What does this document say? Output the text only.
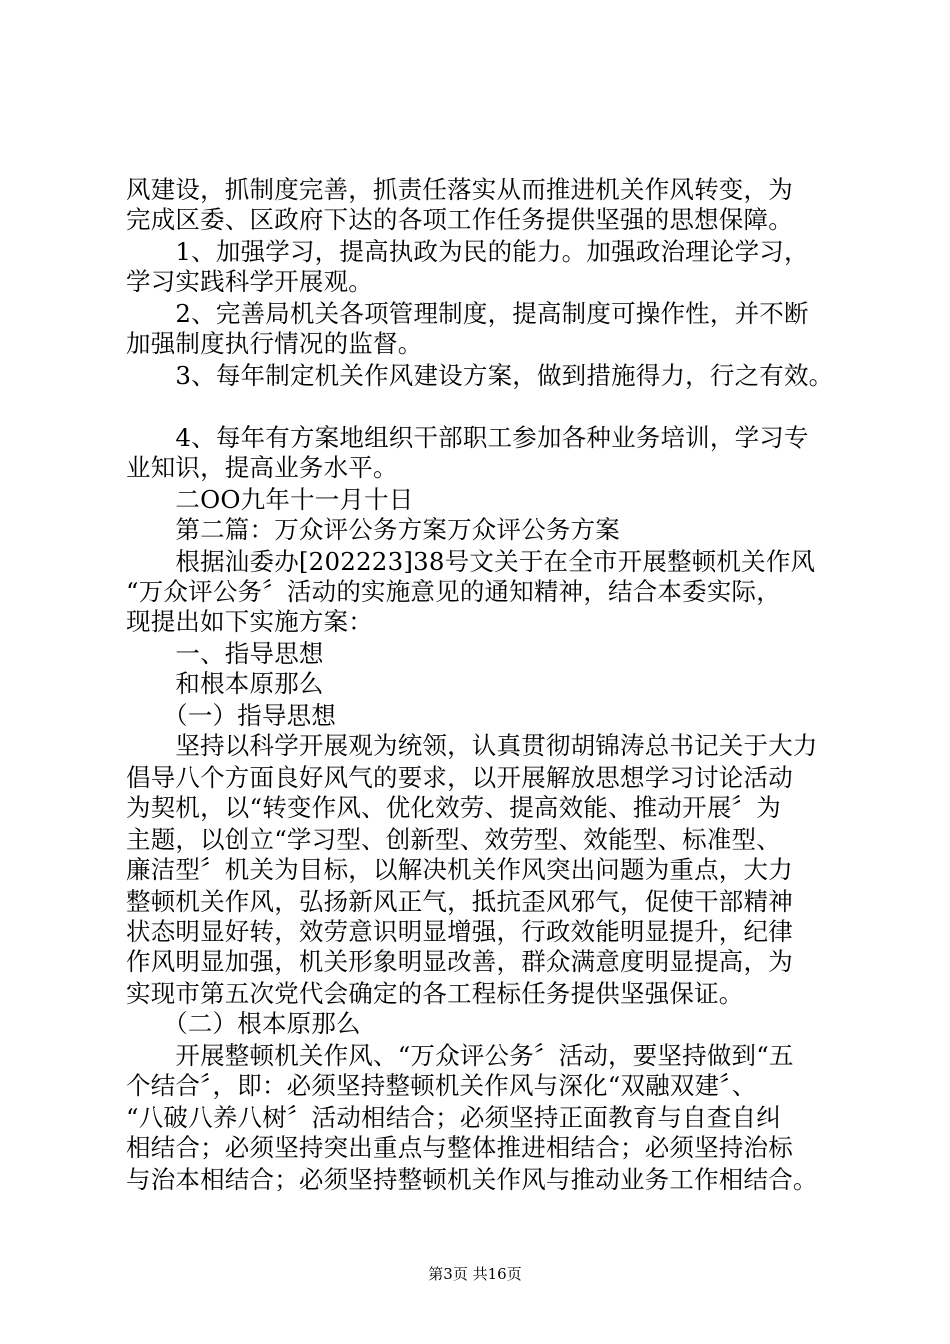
风建设，抓制度完善，抓责任落实从而推进机关作风转变，为
完成区委、区政府下达的各项工作任务提供坚强的思想保障。
　　1、加强学习，提高执政为民的能力。加强政治理论学习，
学习实践科学开展观。
　　2、完善局机关各项管理制度，提高制度可操作性，并不断
加强制度执行情况的监督。
　　3、每年制定机关作风建设方案，做到措施得力，行之有效。
　　4、每年有方案地组织干部职工参加各种业务培训，学习专
业知识，提高业务水平。
　　二OO九年十一月十日
　　第二篇：万众评公务方案万众评公务方案
　　根据汕委办[202223]38号文关于在全市开展整顿机关作风
“万众评公务〞活动的实施意见的通知精神，结合本委实际，
现提出如下实施方案：
　　一、指导思想
　　和根本原那么
　　（一）指导思想
　　坚持以科学开展观为统领，认真贯彻胡锦涛总书记关于大力
倡导八个方面良好风气的要求，以开展解放思想学习讨论活动
为契机，以“转变作风、优化效劳、提高效能、推动开展〞为
主题，以创立“学习型、创新型、效劳型、效能型、标准型、
廉洁型〞机关为目标，以解决机关作风突出问题为重点，大力
整顿机关作风，弘扬新风正气，抵抗歪风邪气，促使干部精神
状态明显好转，效劳意识明显增强，行政效能明显提升，纪律
作风明显加强，机关形象明显改善，群众满意度明显提高，为
实现市第五次党代会确定的各工程标任务提供坚强保证。
　　（二）根本原那么
　　开展整顿机关作风、“万众评公务〞活动，要坚持做到“五
个结合〞，即：必须坚持整顿机关作风与深化“双融双建〞、
“八破八养八树〞活动相结合；必须坚持正面教育与自查自纠
相结合；必须坚持突出重点与整体推进相结合；必须坚持治标
与治本相结合；必须坚持整顿机关作风与推动业务工作相结合。
第3页 共16页
